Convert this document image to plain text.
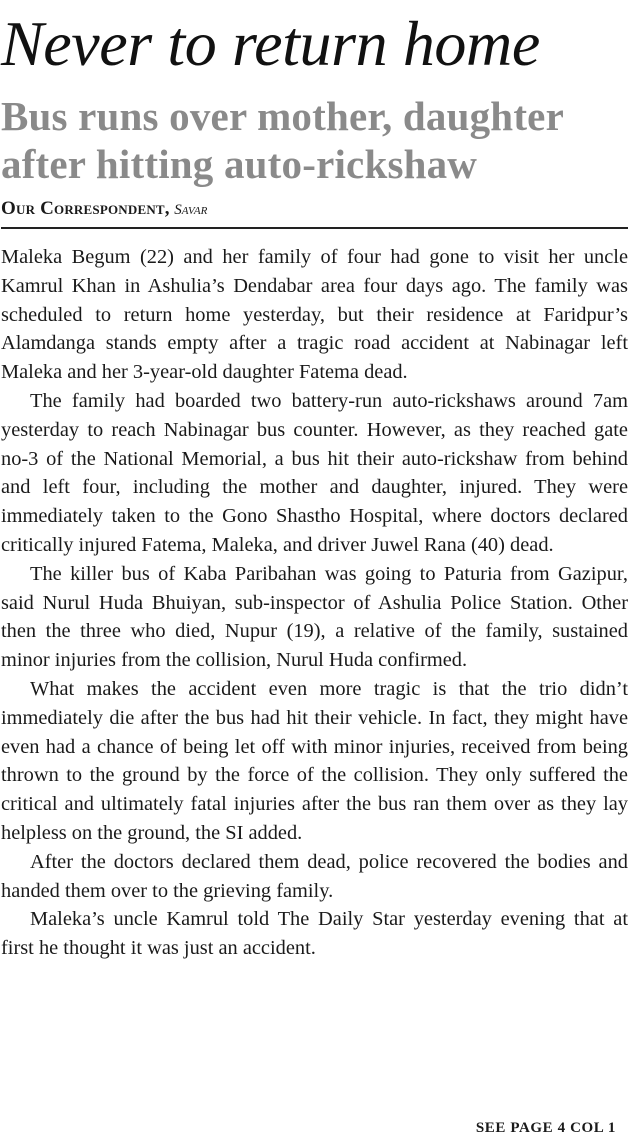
Never to return home
Bus runs over mother, daughter after hitting auto-rickshaw
Our Correspondent, Savar

Maleka Begum (22) and her family of four had gone to visit her uncle Kamrul Khan in Ashulia’s Dendabar area four days ago. The family was scheduled to return home yesterday, but their residence at Faridpur’s Alamdanga stands empty after a tragic road accident at Nabinagar left Maleka and her 3-year-old daughter Fatema dead.

The family had boarded two battery-run auto-rickshaws around 7am yesterday to reach Nabinagar bus counter. However, as they reached gate no-3 of the National Memorial, a bus hit their auto-rickshaw from behind and left four, including the mother and daughter, injured. They were immediately taken to the Gono Shastho Hospital, where doctors declared critically injured Fatema, Maleka, and driver Juwel Rana (40) dead.

The killer bus of Kaba Paribahan was going to Paturia from Gazipur, said Nurul Huda Bhuiyan, sub-inspector of Ashulia Police Station. Other then the three who died, Nupur (19), a relative of the family, sustained minor injuries from the collision, Nurul Huda confirmed.

What makes the accident even more tragic is that the trio didn’t immediately die after the bus had hit their vehicle. In fact, they might have even had a chance of being let off with minor injuries, received from being thrown to the ground by the force of the collision. They only suffered the critical and ultimately fatal injuries after the bus ran them over as they lay helpless on the ground, the SI added.

After the doctors declared them dead, police recovered the bodies and handed them over to the grieving family.

Maleka’s uncle Kamrul told The Daily Star yesterday evening that at first he thought it was just an accident.

SEE PAGE 4 COL 1
